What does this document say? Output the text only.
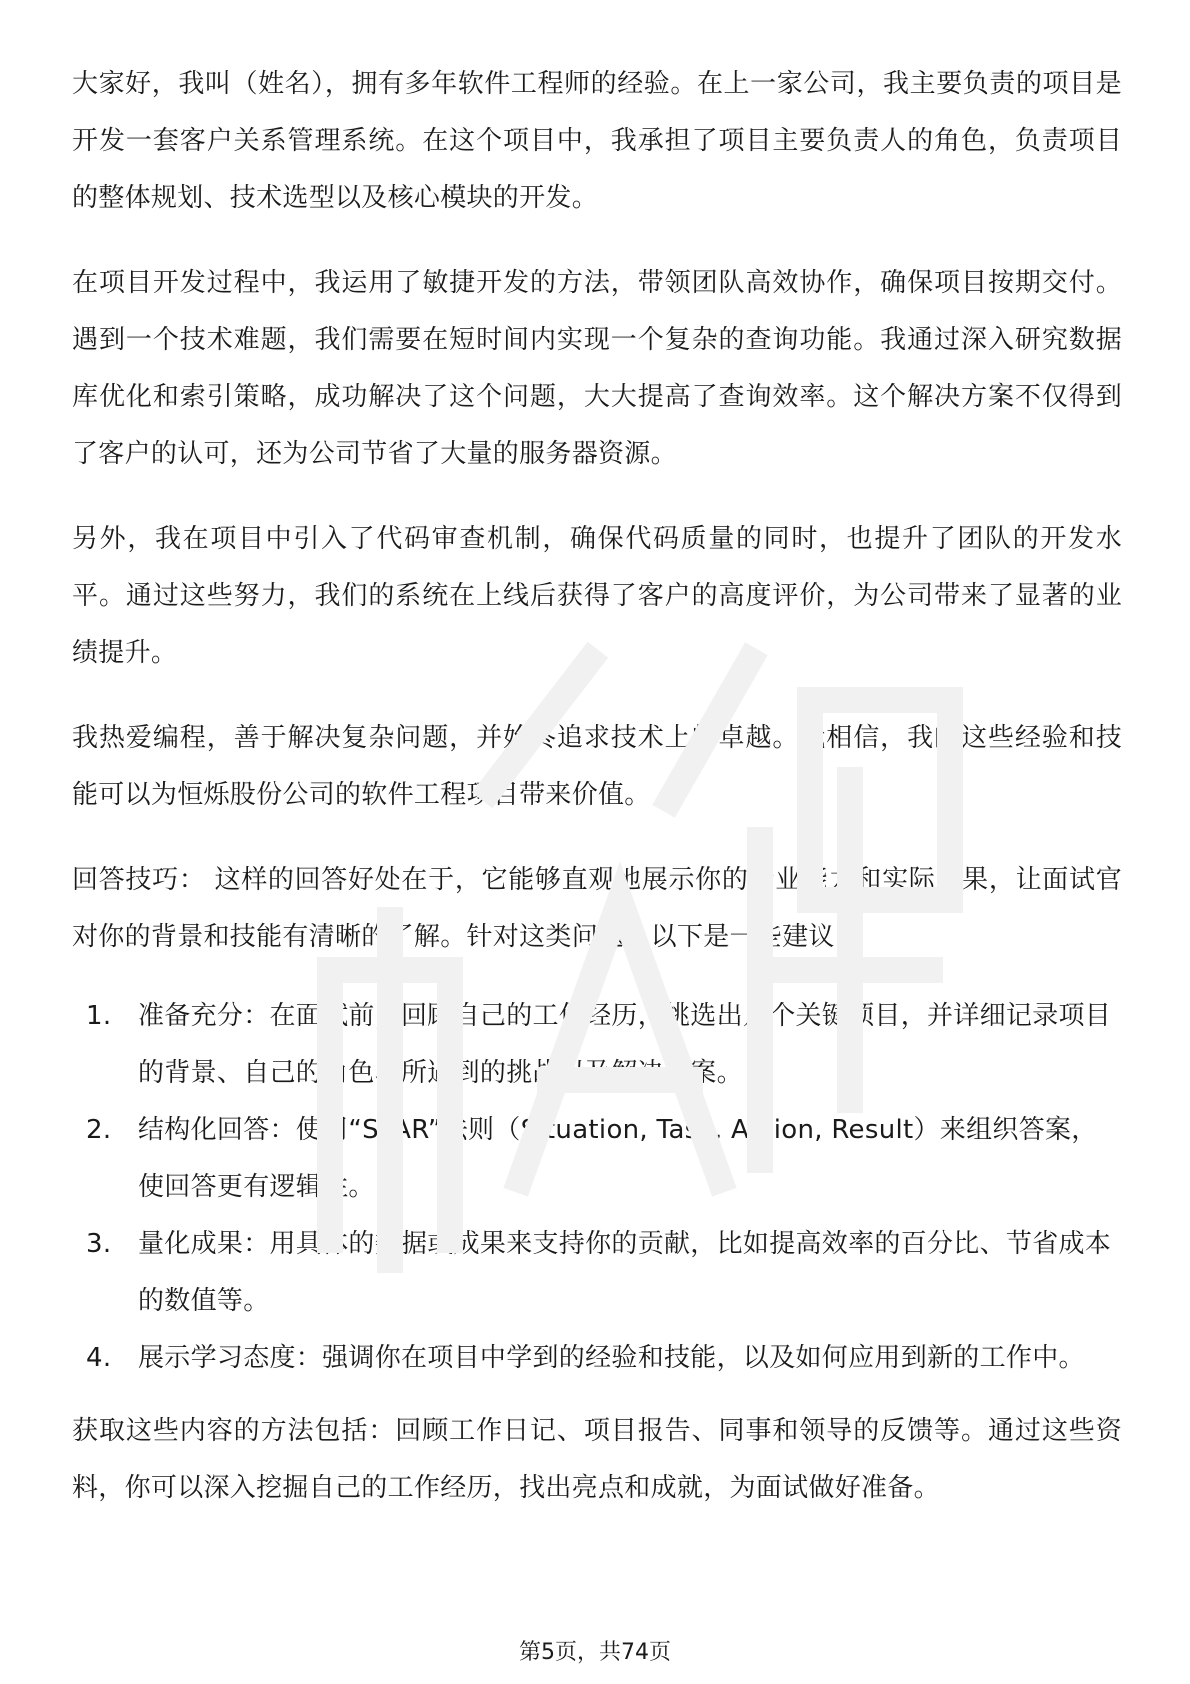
大家好，我叫（姓名），拥有多年软件工程师的经验。在上一家公司，我主要负责的项目是开发一套客户关系管理系统。在这个项目中，我承担了项目主要负责人的角色，负责项目的整体规划、技术选型以及核心模块的开发。

在项目开发过程中，我运用了敏捷开发的方法，带领团队高效协作，确保项目按期交付。遇到一个技术难题，我们需要在短时间内实现一个复杂的查询功能。我通过深入研究数据库优化和索引策略，成功解决了这个问题，大大提高了查询效率。这个解决方案不仅得到了客户的认可，还为公司节省了大量的服务器资源。

另外，我在项目中引入了代码审查机制，确保代码质量的同时，也提升了团队的开发水平。通过这些努力，我们的系统在上线后获得了客户的高度评价，为公司带来了显著的业绩提升。

我热爱编程，善于解决复杂问题，并始终追求技术上的卓越。我相信，我的这些经验和技能可以为恒烁股份公司的软件工程项目带来价值。

回答技巧： 这样的回答好处在于，它能够直观地展示你的专业能力和实际成果，让面试官对你的背景和技能有清晰的了解。针对这类问题，以下是一些建议：

1.	准备充分：在面试前，回顾自己的工作经历，挑选出几个关键项目，并详细记录项目的背景、自己的角色、所遇到的挑战以及解决方案。
2.	结构化回答：使用“STAR”法则（Situation, Task, Action, Result）来组织答案，使回答更有逻辑性。
3.	量化成果：用具体的数据或成果来支持你的贡献，比如提高效率的百分比、节省成本的数值等。
4.	展示学习态度：强调你在项目中学到的经验和技能，以及如何应用到新的工作中。

获取这些内容的方法包括：回顾工作日记、项目报告、同事和领导的反馈等。通过这些资料，你可以深入挖掘自己的工作经历，找出亮点和成就，为面试做好准备。

第5页，共74页
